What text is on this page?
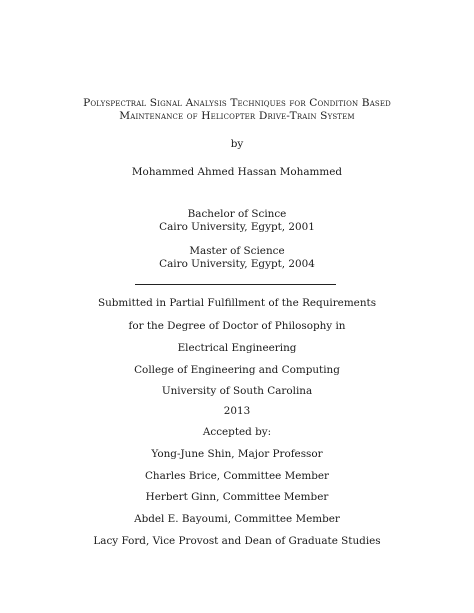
Polyspectral Signal Analysis Techniques for Condition Based
Maintenance of Helicopter Drive-Train System
by
Mohammed Ahmed Hassan Mohammed
Bachelor of Scince
Cairo University, Egypt, 2001
Master of Science
Cairo University, Egypt, 2004
Submitted in Partial Fulfillment of the Requirements
for the Degree of Doctor of Philosophy in
Electrical Engineering
College of Engineering and Computing
University of South Carolina
2013
Accepted by:
Yong-June Shin, Major Professor
Charles Brice, Committee Member
Herbert Ginn, Committee Member
Abdel E. Bayoumi, Committee Member
Lacy Ford, Vice Provost and Dean of Graduate Studies
